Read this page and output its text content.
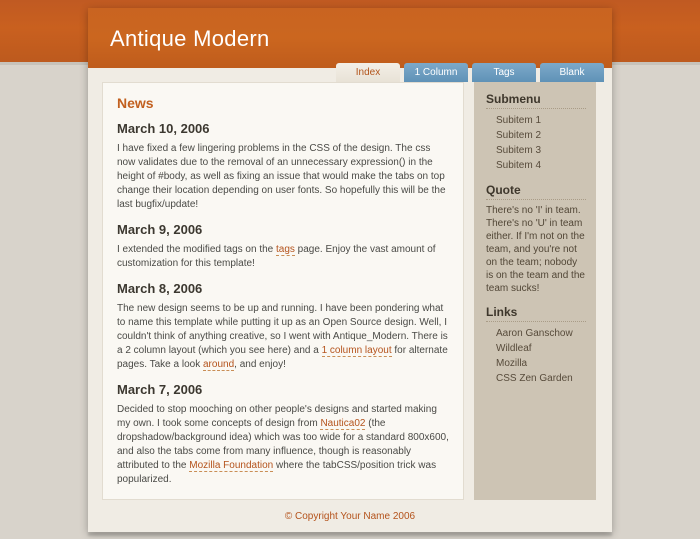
Antique Modern
Index	1 Column	Tags	Blank
News
March 10, 2006

I have fixed a few lingering problems in the CSS of the design. The css now validates due to the removal of an unnecessary expression() in the height of #body, as well as fixing an issue that would make the tabs on top change their location depending on user fonts. So hopefully this will be the last bugfix/update!

March 9, 2006

I extended the modified tags on the tags page. Enjoy the vast amount of customization for this template!

March 8, 2006

The new design seems to be up and running. I have been pondering what to name this template while putting it up as an Open Source design. Well, I couldn't think of anything creative, so I went with Antique_Modern. There is a 2 column layout (which you see here) and a 1 column layout for alternate pages. Take a look around, and enjoy!

March 7, 2006

Decided to stop mooching on other people's designs and started making my own. I took some concepts of design from Nautica02 (the dropshadow/background idea) which was too wide for a standard 800x600, and also the tabs come from many influence, though is reasonably attributed to the Mozilla Foundation where the tabCSS/position trick was popularized.

Submenu
Subitem 1
Subitem 2
Subitem 3
Subitem 4
Quote

There's no 'I' in team. There's no 'U' in team either. If I'm not on the team, and you're not on the team; nobody is on the team and the team sucks!

Links
Aaron Ganschow
Wildleaf
Mozilla
CSS Zen Garden
© Copyright Your Name 2006
